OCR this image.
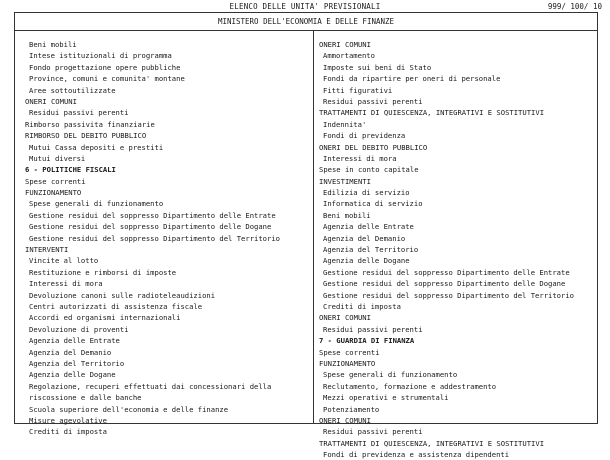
ELENCO DELLE UNITA' PREVISIONALI	999/ 100/ 10
MINISTERO DELL'ECONOMIA E DELLE FINANZE
Beni mobili
Intese istituzionali di programma
Fondo progettazione opere pubbliche
Province, comuni e comunita' montane
Aree sottoutilizzate
ONERI COMUNI
Residui passivi perenti
Rimborso passivita finanziarie
RIMBORSO DEL DEBITO PUBBLICO
Mutui Cassa depositi e prestiti
Mutui diversi
6 - POLITICHE FISCALI
Spese correnti
FUNZIONAMENTO
Spese generali di funzionamento
Gestione residui del soppresso Dipartimento delle Entrate
Gestione residui del soppresso Dipartimento delle Dogane
Gestione residui del soppresso Dipartimento del Territorio
INTERVENTI
Vincite al lotto
Restituzione e rimborsi di imposte
Interessi di mora
Devoluzione canoni sulle radioteleaudizioni
Centri autorizzati di assistenza fiscale
Accordi ed organismi internazionali
Devoluzione di proventi
Agenzia delle Entrate
Agenzia del Demanio
Agenzia del Territorio
Agenzia delle Dogane
Regolazione, recuperi effettuati dai concessionari della
riscossione e dalle banche
Scuola superiore dell'economia e delle finanze
Misure agevolative
Crediti di imposta
ONERI COMUNI
Ammortamento
Imposte sui beni di Stato
Fondi da ripartire per oneri di personale
Fitti figurativi
Residui passivi perenti
TRATTAMENTI DI QUIESCENZA, INTEGRATIVI E SOSTITUTIVI
Indennita'
Fondi di previdenza
ONERI DEL DEBITO PUBBLICO
Interessi di mora
Spese in conto capitale
INVESTIMENTI
Edilizia di servizio
Informatica di servizio
Beni mobili
Agenzia delle Entrate
Agenzia del Demanio
Agenzia del Territorio
Agenzia delle Dogane
Gestione residui del soppresso Dipartimento delle Entrate
Gestione residui del soppresso Dipartimento delle Dogane
Gestione residui del soppresso Dipartimento del Territorio
Crediti di imposta
ONERI COMUNI
Residui passivi perenti
7 - GUARDIA DI FINANZA
Spese correnti
FUNZIONAMENTO
Spese generali di funzionamento
Reclutamento, formazione e addestramento
Mezzi operativi e strumentali
Potenziamento
ONERI COMUNI
Residui passivi perenti
TRATTAMENTI DI QUIESCENZA, INTEGRATIVI E SOSTITUTIVI
Fondi di previdenza e assistenza dipendenti
